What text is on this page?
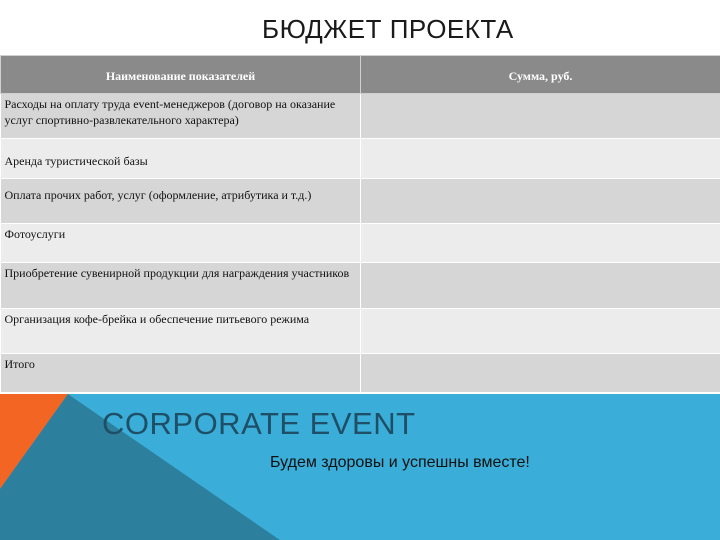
БЮДЖЕТ ПРОЕКТА
Наименование показателей	Сумма, руб.
Расходы на оплату труда event-менеджеров (договор на оказание услуг спортивно-развлекательного характера)	
Аренда туристической базы	
Оплата прочих работ, услуг (оформление, атрибутика и т.д.)	
Фотоуслуги	

Приобретение сувенирной продукции для награждения участников	

Организация кофе-брейка и обеспечение питьевого режима	

Итого	
CORPORATE EVENT
Будем здоровы и успешны вместе!
